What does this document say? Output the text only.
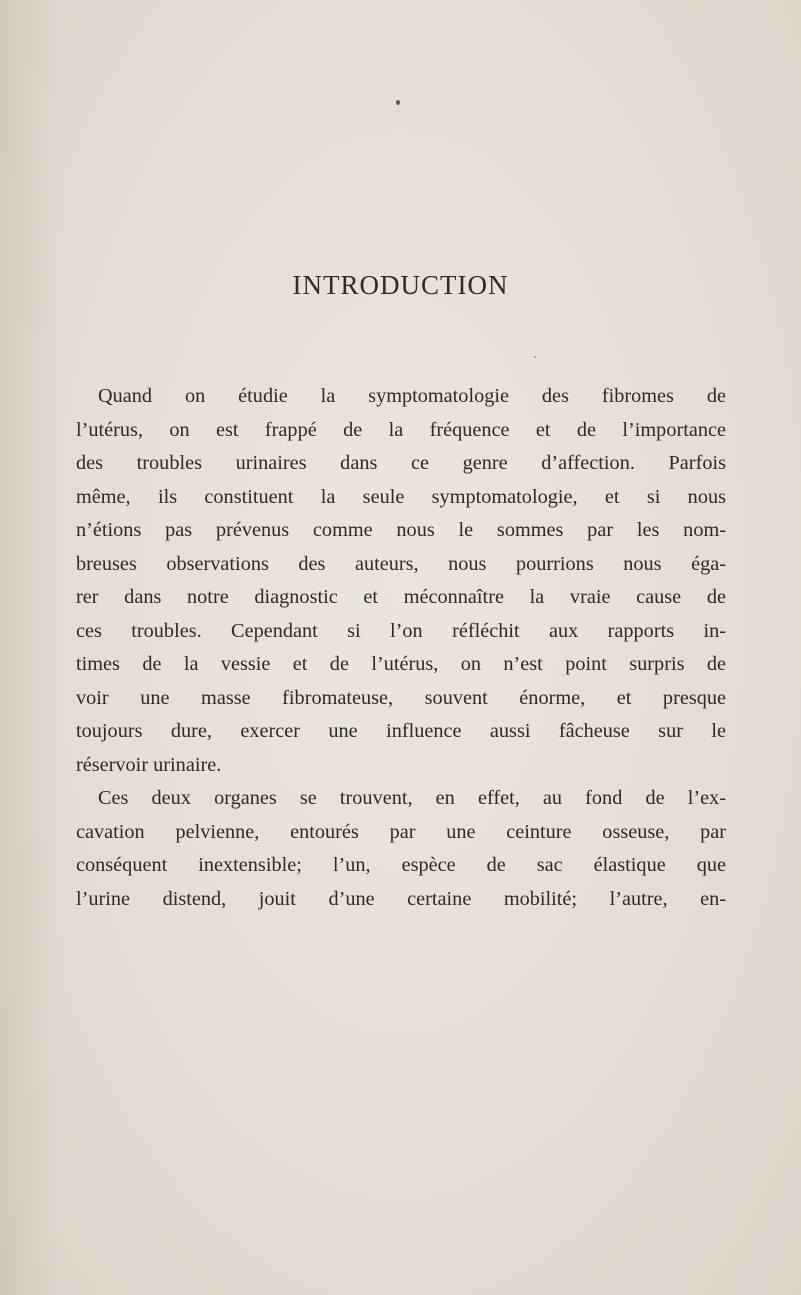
INTRODUCTION
Quand on étudie la symptomatologie des fibromes de
l’utérus, on est frappé de la fréquence et de l’importance
des troubles urinaires dans ce genre d’affection. Parfois
même, ils constituent la seule symptomatologie, et si nous
n’étions pas prévenus comme nous le sommes par les nom-
breuses observations des auteurs, nous pourrions nous éga-
rer dans notre diagnostic et méconnaître la vraie cause de
ces troubles. Cependant si l’on réfléchit aux rapports in-
times de la vessie et de l’utérus, on n’est point surpris de
voir une masse fibromateuse, souvent énorme, et presque
toujours dure, exercer une influence aussi fâcheuse sur le
réservoir urinaire.
Ces deux organes se trouvent, en effet, au fond de l’ex-
cavation pelvienne, entourés par une ceinture osseuse, par
conséquent inextensible; l’un, espèce de sac élastique que
l’urine distend, jouit d’une certaine mobilité; l’autre, en-
